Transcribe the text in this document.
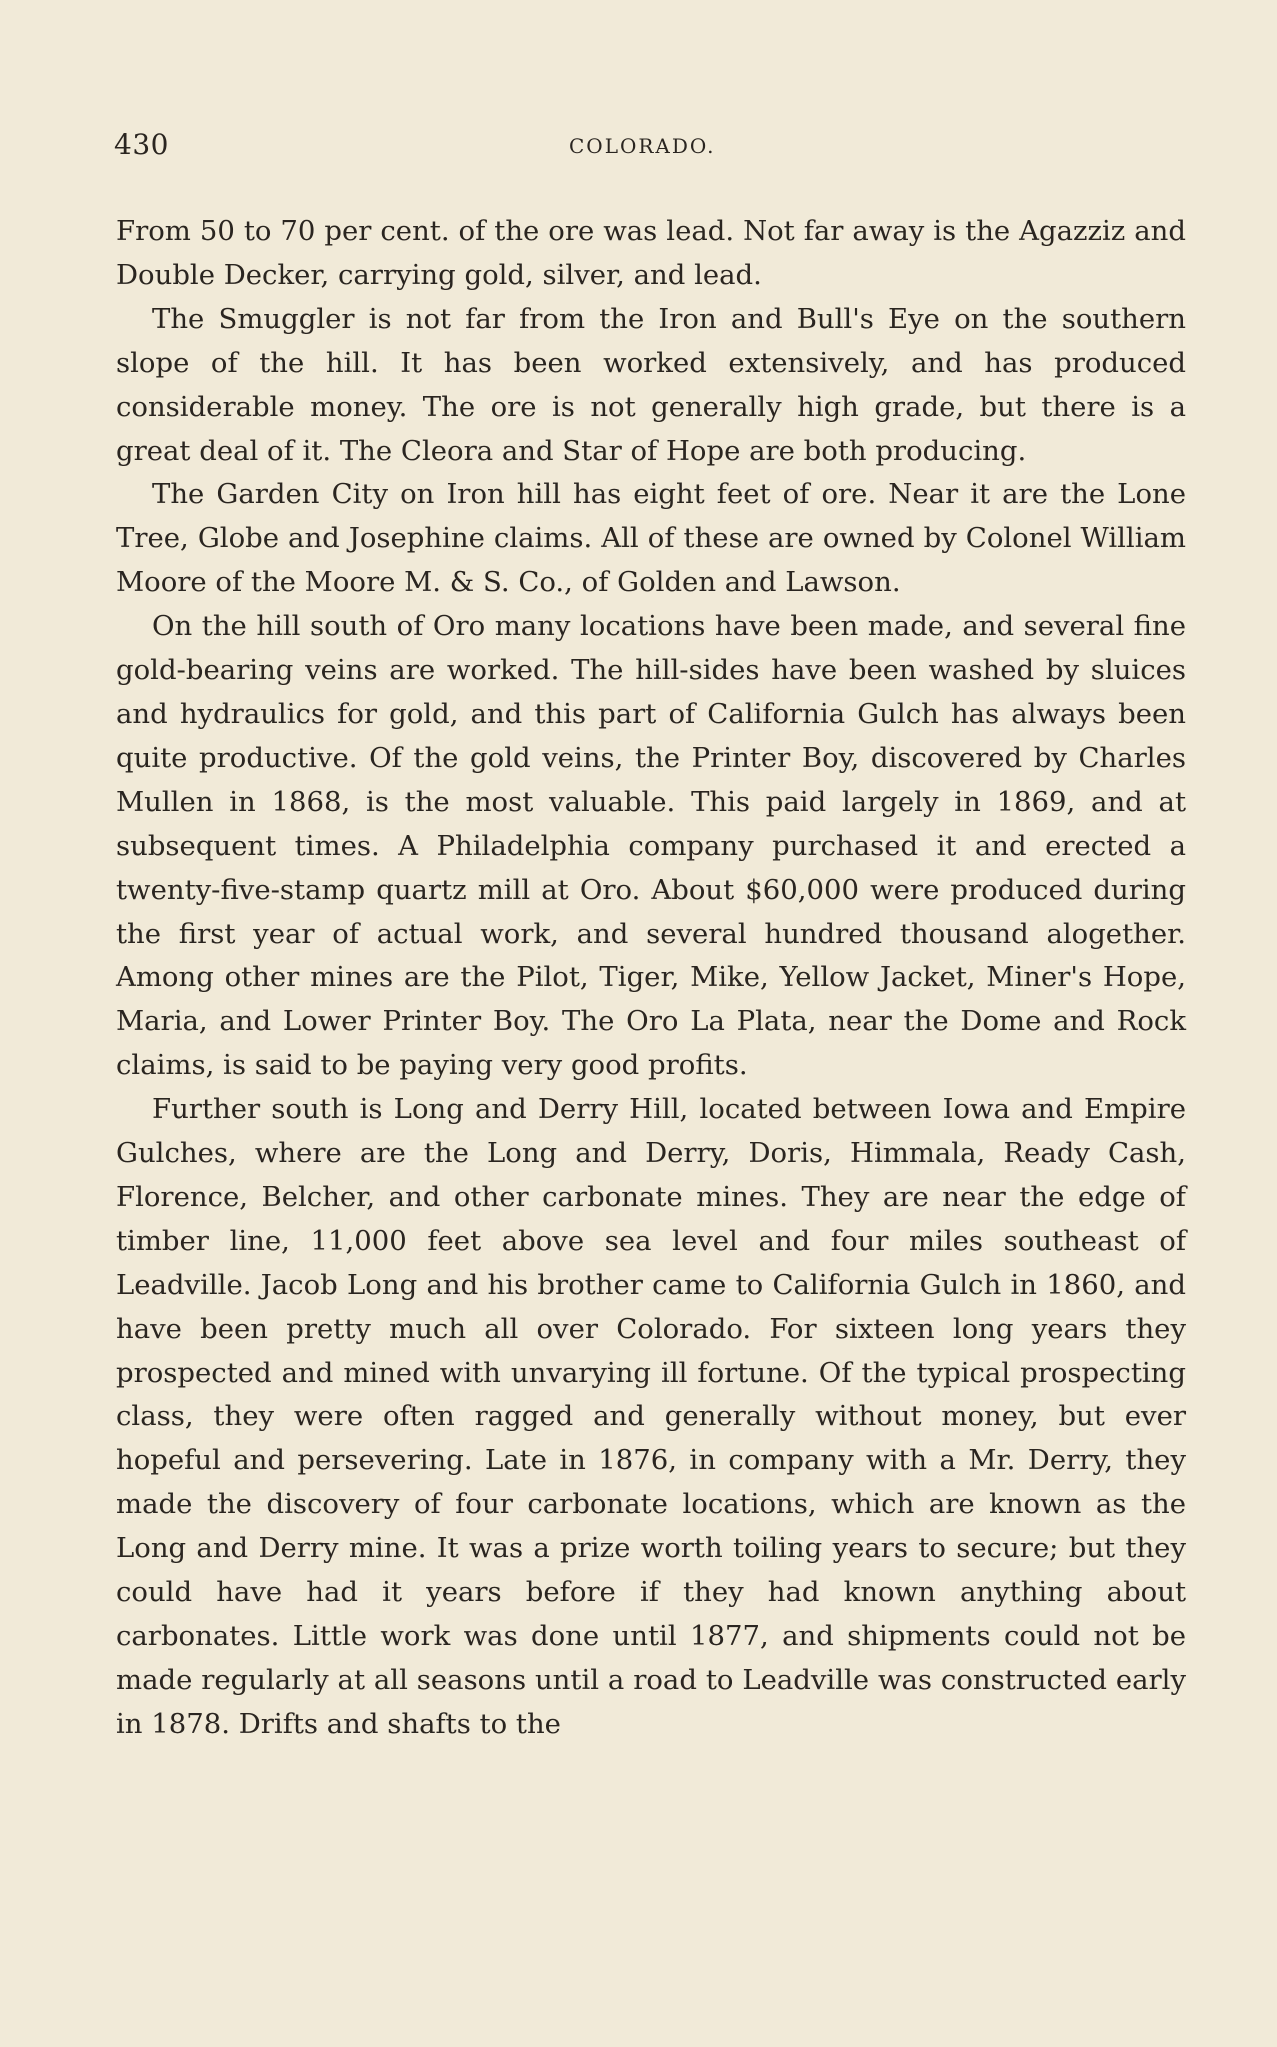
430	COLORADO.

From 50 to 70 per cent. of the ore was lead. Not far away is the Agazziz and Double Decker, carrying gold, silver, and lead.

The Smuggler is not far from the Iron and Bull's Eye on the southern slope of the hill. It has been worked extensively, and has produced considerable money. The ore is not generally high grade, but there is a great deal of it. The Cleora and Star of Hope are both producing.

The Garden City on Iron hill has eight feet of ore. Near it are the Lone Tree, Globe and Josephine claims. All of these are owned by Colonel William Moore of the Moore M. & S. Co., of Golden and Lawson.

On the hill south of Oro many locations have been made, and several fine gold-bearing veins are worked. The hill-sides have been washed by sluices and hydraulics for gold, and this part of California Gulch has always been quite productive. Of the gold veins, the Printer Boy, discovered by Charles Mullen in 1868, is the most valuable. This paid largely in 1869, and at subsequent times. A Philadelphia company purchased it and erected a twenty-five-stamp quartz mill at Oro. About $60,000 were produced during the first year of actual work, and several hundred thousand alogether. Among other mines are the Pilot, Tiger, Mike, Yellow Jacket, Miner's Hope, Maria, and Lower Printer Boy. The Oro La Plata, near the Dome and Rock claims, is said to be paying very good profits.

Further south is Long and Derry Hill, located between Iowa and Empire Gulches, where are the Long and Derry, Doris, Himmala, Ready Cash, Florence, Belcher, and other carbonate mines. They are near the edge of timber line, 11,000 feet above sea level and four miles southeast of Leadville. Jacob Long and his brother came to California Gulch in 1860, and have been pretty much all over Colorado. For sixteen long years they prospected and mined with unvarying ill fortune. Of the typical prospecting class, they were often ragged and generally without money, but ever hopeful and persevering. Late in 1876, in company with a Mr. Derry, they made the discovery of four carbonate locations, which are known as the Long and Derry mine. It was a prize worth toiling years to secure; but they could have had it years before if they had known anything about carbonates. Little work was done until 1877, and shipments could not be made regularly at all seasons until a road to Leadville was constructed early in 1878. Drifts and shafts to the
